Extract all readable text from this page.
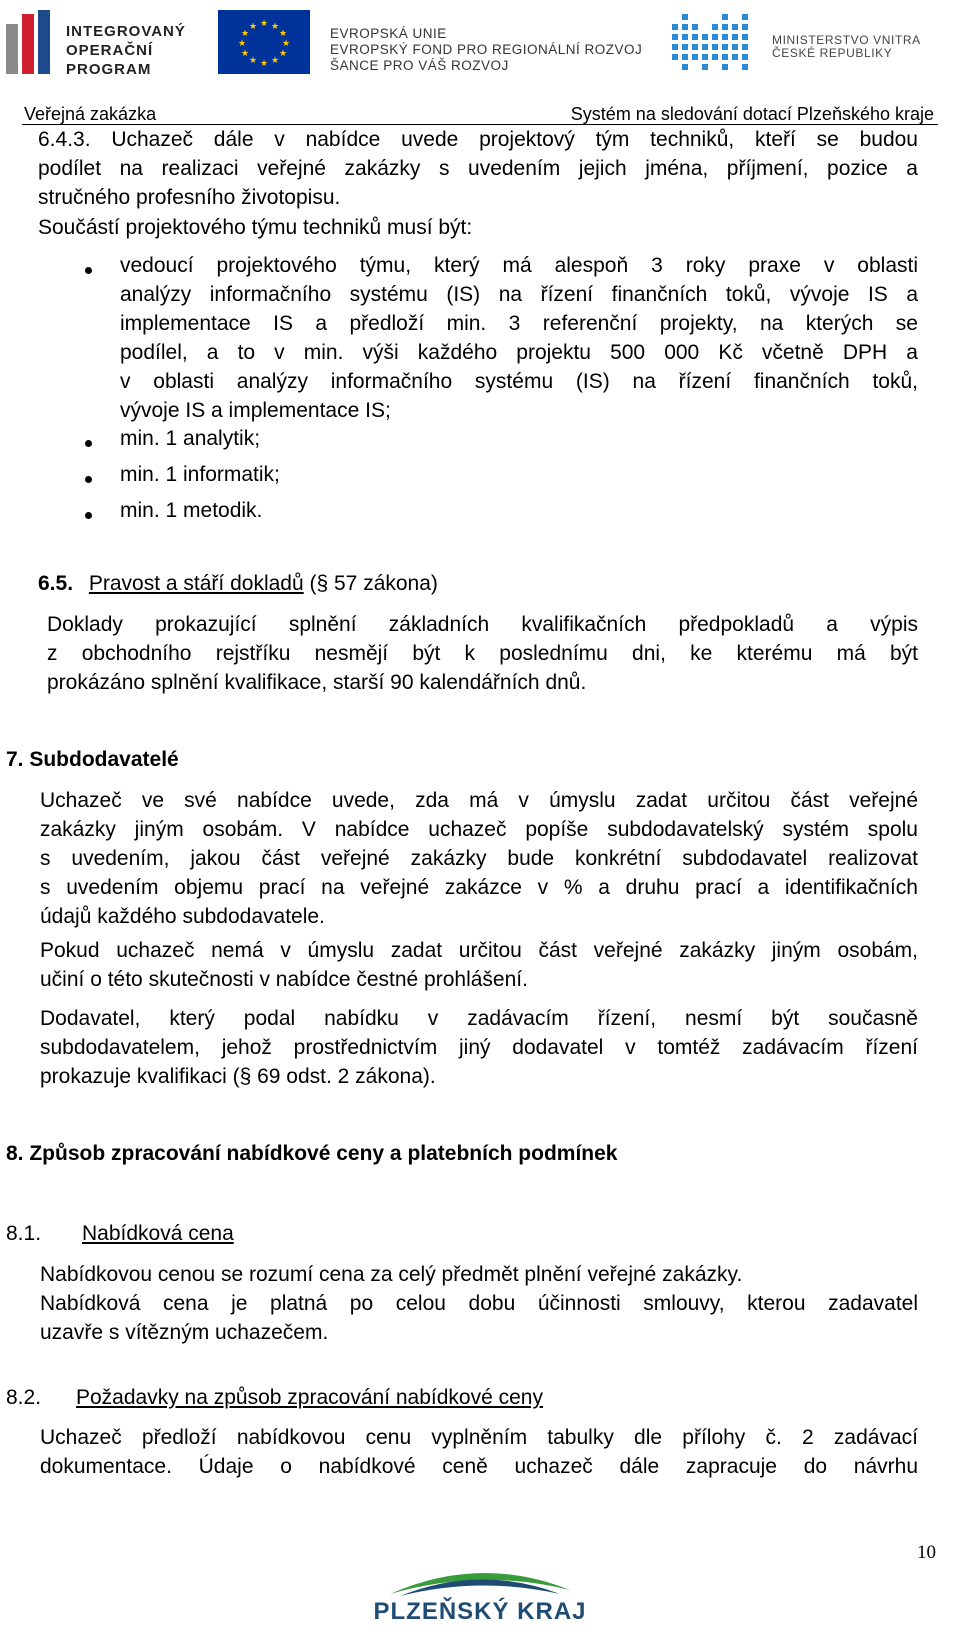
INTEGROVANÝ
OPERAČNÍ
PROGRAM
★ ★
★
★
★
★
★
★
★
★
★
★	EVROPSKÁ UNIE
EVROPSKÝ FOND PRO REGIONÁLNÍ ROZVOJ
ŠANCE PRO VÁŠ ROZVOJ
MINISTERSTVO VNITRA
ČESKÉ REPUBLIKY
Veřejná zakázka	Systém na sledování dotací Plzeňského kraje
6.4.3. Uchazeč dále v nabídce uvede projektový tým techniků, kteří se budou
podílet na realizaci veřejné zakázky s uvedením jejich jména, příjmení, pozice a
stručného profesního životopisu.
Součástí projektového týmu techniků musí být:
vedoucí projektového týmu, který má alespoň 3 roky praxe v oblasti
analýzy informačního systému (IS) na řízení finančních toků, vývoje IS a
implementace IS a předloží min. 3 referenční projekty, na kterých se
podílel, a to v min. výši každého projektu 500 000 Kč včetně DPH a
v oblasti analýzy informačního systému (IS) na řízení finančních toků,
vývoje IS a implementace IS;
min. 1 analytik;
min. 1 informatik;
min. 1 metodik.
6.5. Pravost a stáří dokladů (§ 57 zákona)
Doklady prokazující splnění základních kvalifikačních předpokladů a výpis
z obchodního rejstříku nesmějí být k poslednímu dni, ke kterému má být
prokázáno splnění kvalifikace, starší 90 kalendářních dnů.
7. Subdodavatelé
Uchazeč ve své nabídce uvede, zda má v úmyslu zadat určitou část veřejné
zakázky jiným osobám. V nabídce uchazeč popíše subdodavatelský systém spolu
s uvedením, jakou část veřejné zakázky bude konkrétní subdodavatel realizovat
s uvedením objemu prací na veřejné zakázce v % a druhu prací a identifikačních
údajů každého subdodavatele.
Pokud uchazeč nemá v úmyslu zadat určitou část veřejné zakázky jiným osobám,
učiní o této skutečnosti v nabídce čestné prohlášení.
Dodavatel, který podal nabídku v zadávacím řízení, nesmí být současně
subdodavatelem, jehož prostřednictvím jiný dodavatel v tomtéž zadávacím řízení
prokazuje kvalifikaci (§ 69 odst. 2 zákona).
8. Způsob zpracování nabídkové ceny a platebních podmínek
8.1. Nabídková cena
Nabídkovou cenou se rozumí cena za celý předmět plnění veřejné zakázky.
Nabídková cena je platná po celou dobu účinnosti smlouvy, kterou zadavatel
uzavře s vítězným uchazečem.
8.2. Požadavky na způsob zpracování nabídkové ceny
Uchazeč předloží nabídkovou cenu vyplněním tabulky dle přílohy č. 2 zadávací
dokumentace. Údaje o nabídkové ceně uchazeč dále zapracuje do návrhu
10
PLZEŇSKÝ KRAJ
